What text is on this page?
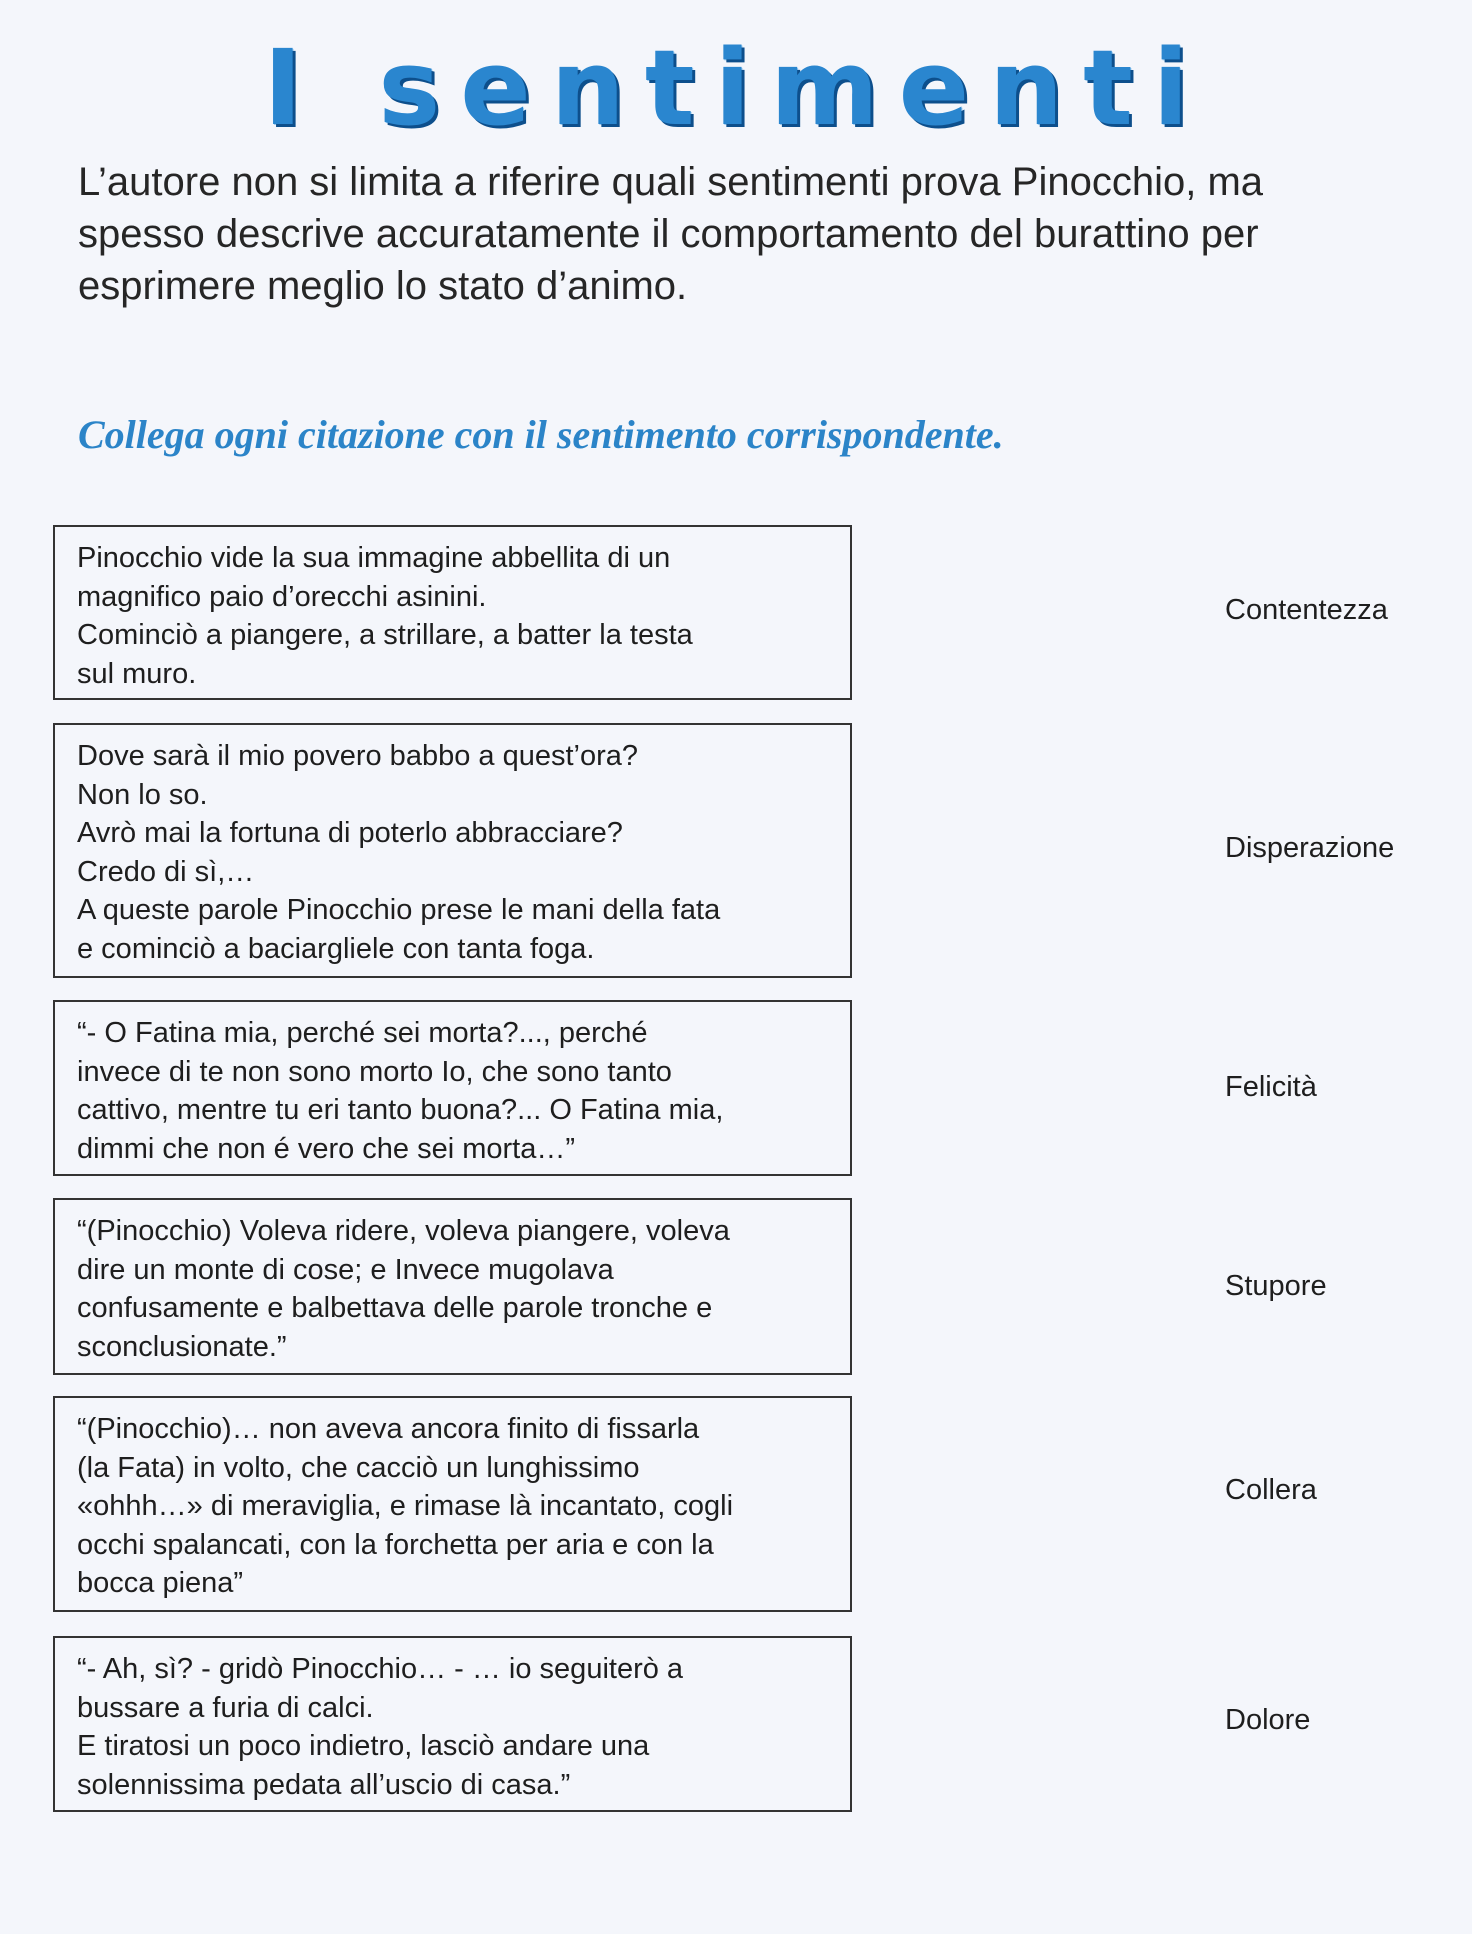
I sentimenti
L’autore non si limita a riferire quali sentimenti prova Pinocchio, ma
spesso descrive accuratamente il comportamento del burattino per
esprimere meglio lo stato d’animo.
Collega ogni citazione con il sentimento corrispondente.
Pinocchio vide la sua immagine abbellita di un
magnifico paio d’orecchi asinini.
Cominciò a piangere, a strillare, a batter la testa
sul muro.
Dove sarà il mio povero babbo a quest’ora?
Non lo so.
Avrò mai la fortuna di poterlo abbracciare?
Credo di sì,…
A queste parole Pinocchio prese le mani della fata
e cominciò a baciargliele con tanta foga.
“- O Fatina mia, perché sei morta?..., perché
invece di te non sono morto Io, che sono tanto
cattivo, mentre tu eri tanto buona?... O Fatina mia,
dimmi che non é vero che sei morta…”
“(Pinocchio) Voleva ridere, voleva piangere, voleva
dire un monte di cose; e Invece mugolava
confusamente e balbettava delle parole tronche e
sconclusionate.”
“(Pinocchio)… non aveva ancora finito di fissarla
(la Fata) in volto, che cacciò un lunghissimo
«ohhh…» di meraviglia, e rimase là incantato, cogli
occhi spalancati, con la forchetta per aria e con la
bocca piena”
“- Ah, sì? - gridò Pinocchio… - … io seguiterò a
bussare a furia di calci.
E tiratosi un poco indietro, lasciò andare una
solennissima pedata all’uscio di casa.”
Contentezza
Disperazione
Felicità
Stupore
Collera
Dolore
